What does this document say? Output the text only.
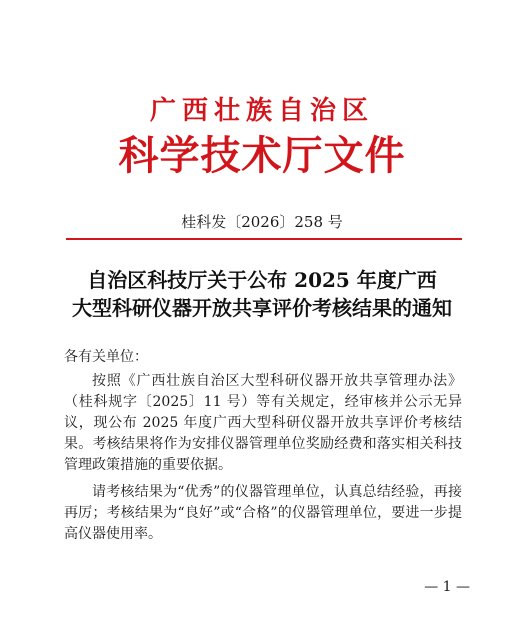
广西壮族自治区
科学技术厅文件
桂科发〔2026〕258 号
自治区科技厅关于公布 2025 年度广西
大型科研仪器开放共享评价考核结果的通知

各有关单位：

按照《广西壮族自治区大型科研仪器开放共享管理办法》（桂科规字〔2025〕11 号）等有关规定，经审核并公示无异议，现公布 2025 年度广西大型科研仪器开放共享评价考核结果。考核结果将作为安排仪器管理单位奖励经费和落实相关科技管理政策措施的重要依据。

请考核结果为“优秀”的仪器管理单位，认真总结经验，再接再厉；考核结果为“良好”或“合格”的仪器管理单位，要进一步提高仪器使用率。

— 1 —
